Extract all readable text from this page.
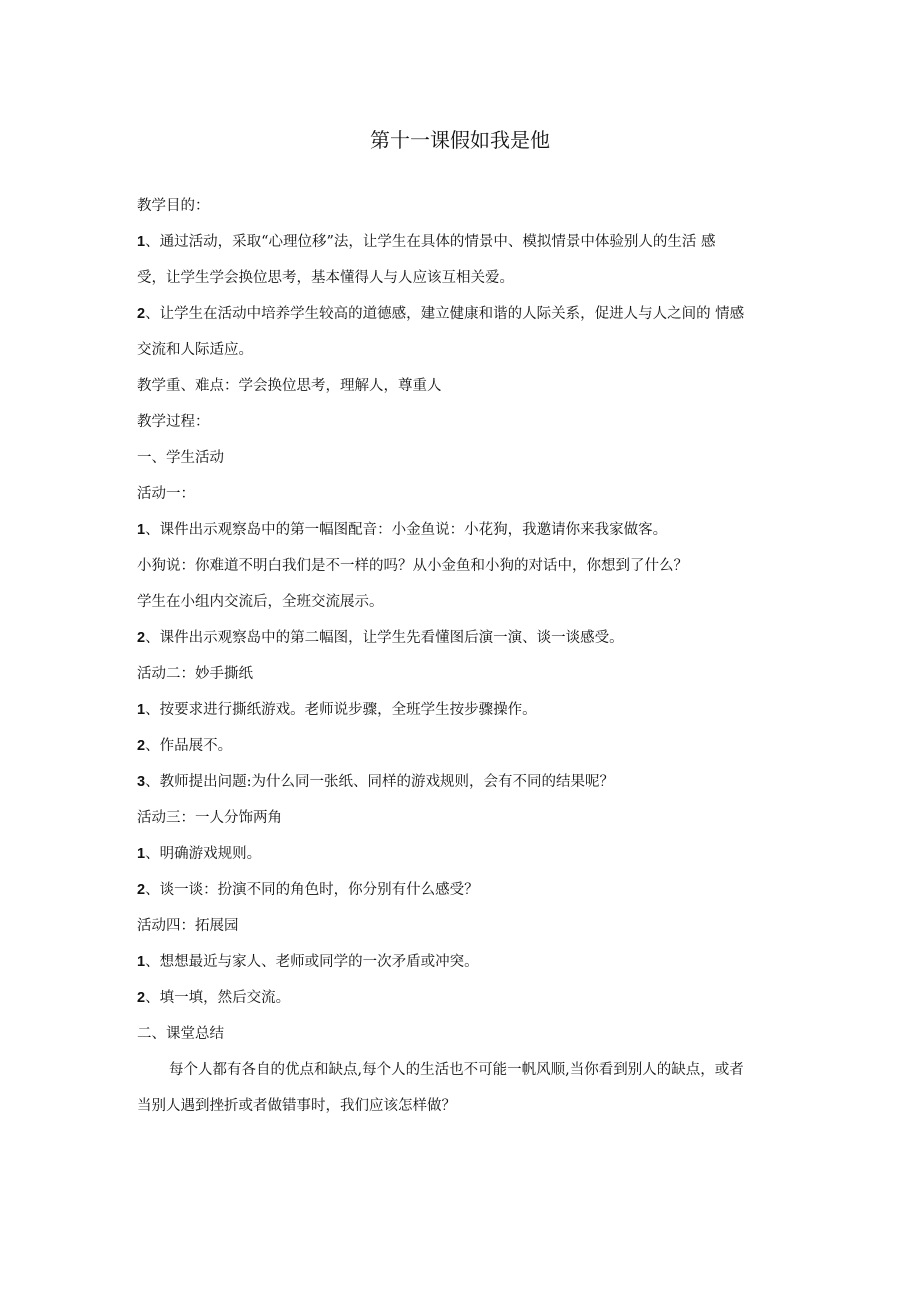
第十一课假如我是他

教学目的：

1、通过活动，采取“心理位移”法，让学生在具体的情景中、模拟情景中体验别人的生活 感

受，让学生学会换位思考，基本懂得人与人应该互相关爱。

2、让学生在活动中培养学生较高的道德感，建立健康和谐的人际关系，促进人与人之间的 情感

交流和人际适应。

教学重、难点：学会换位思考，理解人，尊重人

教学过程：

一、学生活动

活动一：

1、课件出示观察岛中的第一幅图配音：小金鱼说：小花狗，我邀请你来我家做客。

小狗说：你难道不明白我们是不一样的吗？从小金鱼和小狗的对话中，你想到了什么？

学生在小组内交流后，全班交流展示。

2、课件出示观察岛中的第二幅图，让学生先看懂图后演一演、谈一谈感受。

活动二：妙手撕纸

1、按要求进行撕纸游戏。老师说步骤，全班学生按步骤操作。

2、作品展不。

3、教师提出问题:为什么同一张纸、同样的游戏规则，会有不同的结果呢？

活动三：一人分饰两角

1、明确游戏规则。

2、谈一谈：扮演不同的角色时，你分别有什么感受？

活动四：拓展园

1、想想最近与家人、老师或同学的一次矛盾或冲突。

2、填一填，然后交流。

二、课堂总结

每个人都有各自的优点和缺点,每个人的生活也不可能一帆风顺,当你看到别人的缺点，或者

当别人遇到挫折或者做错事时，我们应该怎样做？
